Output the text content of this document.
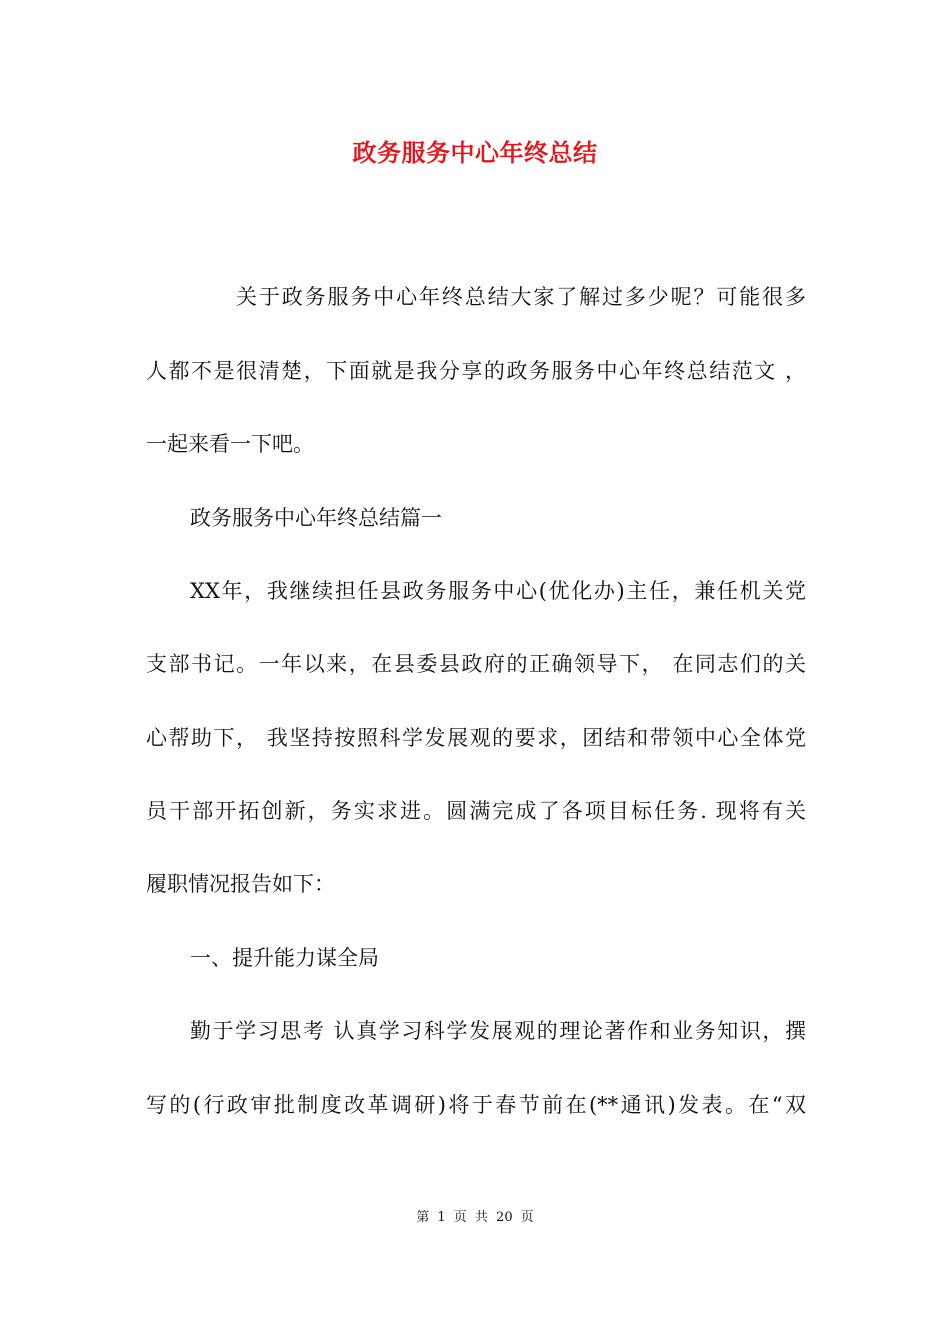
政务服务中心年终总结
关于政务服务中心年终总结大家了解过多少呢？可能很多
人都不是很清楚，下面就是我分享的政务服务中心年终总结范文 ，
一起来看一下吧。
政务服务中心年终总结篇一
XX年，我继续担任县政务服务中心(优化办)主任，兼任机关党
支部书记。一年以来，在县委县政府的正确领导下， 在同志们的关
心帮助下， 我坚持按照科学发展观的要求，团结和带领中心全体党
员干部开拓创新，务实求进。圆满完成了各项目标任务. 现将有关
履职情况报告如下：
一、提升能力谋全局
勤于学习思考 认真学习科学发展观的理论著作和业务知识，撰
写的(行政审批制度改革调研)将于春节前在(**通讯)发表。在“双
第 1 页 共 20 页
